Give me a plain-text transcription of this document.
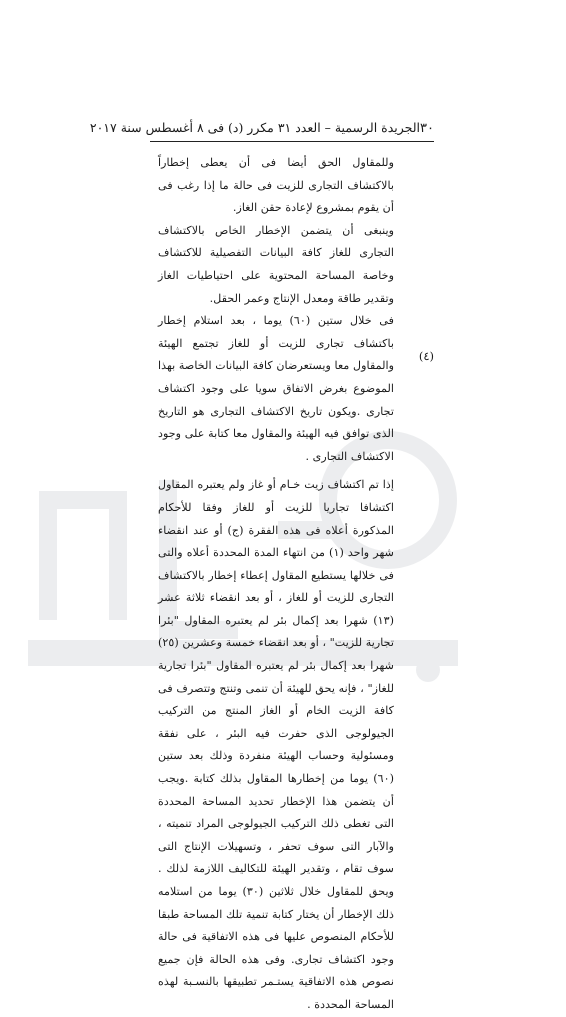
٣٠
الجريدة الرسمية – العدد ٣١ مكرر (د) فى ٨ أغسطس سنة ٢٠١٧
(٤)

وللمقاول الحق أيضا فى أن يعطى إخطاراً بالاكتشاف التجارى للزيت فى حالة ما إذا رغب فى أن يقوم بمشروع لإعادة حقن الغاز.

وينبغى أن يتضمن الإخطار الخاص بالاكتشاف التجارى للغاز كافة البيانات التفصيلية للاكتشاف وخاصة المساحة المحتوية على احتياطيات الغاز وتقدير طاقة ومعدل الإنتاج وعمر الحقل.

فى خلال ستين (٦٠) يوما ، بعد استلام إخطار باكتشاف تجارى للزيت أو للغاز تجتمع الهيئة والمقاول معا ويستعرضان كافة البيانات الخاصة بهذا الموضوع بغرض الاتفاق سويا على وجود اكتشاف تجارى .ويكون تاريخ الاكتشاف التجارى هو التاريخ الذى توافق فيه الهيئة والمقاول معا كتابة على وجود الاكتشاف التجارى .

إذا تم اكتشاف زيت خـام أو غاز ولم يعتبره المقاول اكتشافا تجاريا للزيت أو للغاز وفقا للأحكام المذكورة أعلاه فى هذه الفقرة (ج) أو عند انقضاء شهر واحد (١) من انتهاء المدة المحددة أعلاه والتى فى خلالها يستطيع المقاول إعطاء إخطار بالاكتشاف التجارى للزيت أو للغاز ، أو بعد انقضاء ثلاثة عشر (١٣) شهرا بعد إكمال بئر لم يعتبره المقاول "بئرا تجارية للزيت" ، أو بعد انقضاء خمسة وعشرين (٢٥) شهرا بعد إكمال بئر لم يعتبره المقاول "بئرا تجارية للغاز" ، فإنه يحق للهيئة أن تنمى وتنتج وتتصرف فى كافة الزيت الخام أو الغاز المنتج من التركيب الجيولوجى الذى حفرت فيه البئر ، على نفقة ومسئولية وحساب الهيئة منفردة وذلك بعد ستين (٦٠) يوما من إخطارها المقاول بذلك كتابة .ويجب أن يتضمن هذا الإخطار تحديد المساحة المحددة التى تغطى ذلك التركيب الجيولوجى المراد تنميته ، والآبار التى سوف تحفر ، وتسهيلات الإنتاج التى سوف تقام ، وتقدير الهيئة للتكاليف اللازمة لذلك . ويحق للمقاول خلال ثلاثين (٣٠) يوما من استلامه ذلك الإخطار أن يختار كتابة تنمية تلك المساحة طبقا للأحكام المنصوص عليها فى هذه الاتفاقية فى حالة وجود اكتشاف تجارى. وفى هذه الحالة فإن جميع نصوص هذه الاتفاقية يستـمر تطبيقها بالنسـبة لهذه المساحة المحددة .
